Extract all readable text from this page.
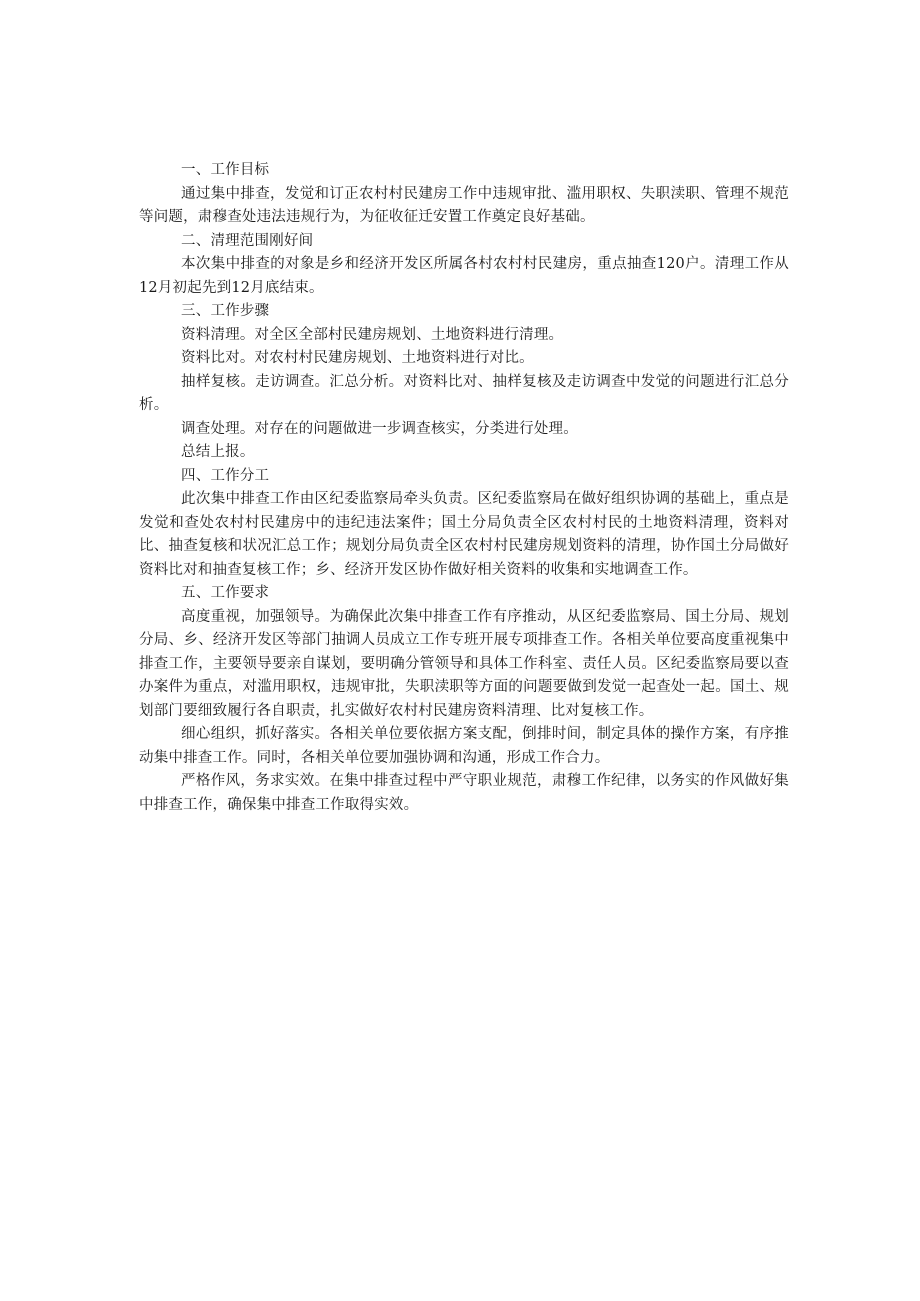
一、工作目标

通过集中排查，发觉和订正农村村民建房工作中违规审批、滥用职权、失职渎职、管理不规范等问题，肃穆查处违法违规行为，为征收征迁安置工作奠定良好基础。

二、清理范围刚好间

本次集中排查的对象是乡和经济开发区所属各村农村村民建房，重点抽查120户。清理工作从12月初起先到12月底结束。

三、工作步骤

资料清理。对全区全部村民建房规划、土地资料进行清理。

资料比对。对农村村民建房规划、土地资料进行对比。

抽样复核。走访调查。汇总分析。对资料比对、抽样复核及走访调查中发觉的问题进行汇总分析。

调查处理。对存在的问题做进一步调查核实，分类进行处理。

总结上报。

四、工作分工

此次集中排查工作由区纪委监察局牵头负责。区纪委监察局在做好组织协调的基础上，重点是发觉和查处农村村民建房中的违纪违法案件；国土分局负责全区农村村民的土地资料清理，资料对比、抽查复核和状况汇总工作；规划分局负责全区农村村民建房规划资料的清理，协作国土分局做好资料比对和抽查复核工作；乡、经济开发区协作做好相关资料的收集和实地调查工作。

五、工作要求

高度重视，加强领导。为确保此次集中排查工作有序推动，从区纪委监察局、国土分局、规划分局、乡、经济开发区等部门抽调人员成立工作专班开展专项排查工作。各相关单位要高度重视集中排查工作，主要领导要亲自谋划，要明确分管领导和具体工作科室、责任人员。区纪委监察局要以查办案件为重点，对滥用职权，违规审批，失职渎职等方面的问题要做到发觉一起查处一起。国土、规划部门要细致履行各自职责，扎实做好农村村民建房资料清理、比对复核工作。

细心组织，抓好落实。各相关单位要依据方案支配，倒排时间，制定具体的操作方案，有序推动集中排查工作。同时，各相关单位要加强协调和沟通，形成工作合力。

严格作风，务求实效。在集中排查过程中严守职业规范，肃穆工作纪律，以务实的作风做好集中排查工作，确保集中排查工作取得实效。
